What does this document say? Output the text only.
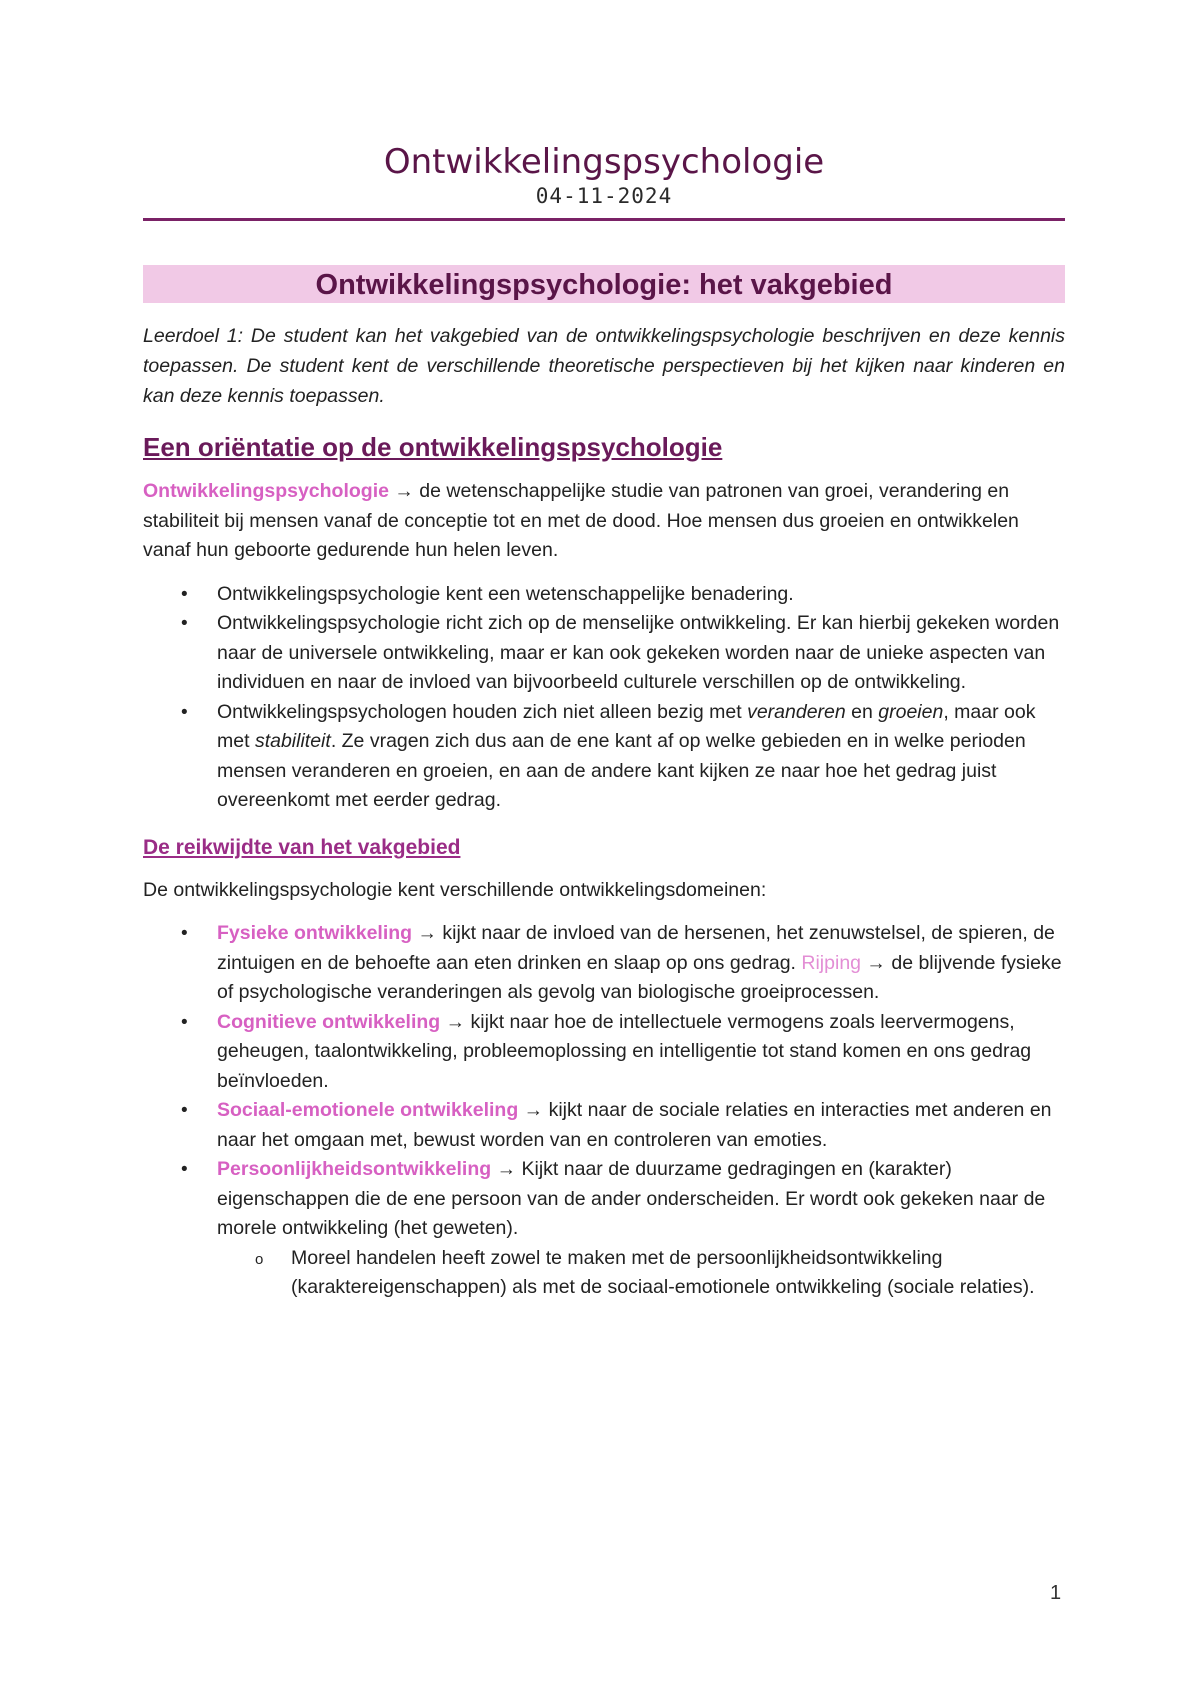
Ontwikkelingspsychologie
04-11-2024
Ontwikkelingspsychologie: het vakgebied

Leerdoel 1: De student kan het vakgebied van de ontwikkelingspsychologie beschrijven en deze kennis toepassen. De student kent de verschillende theoretische perspectieven bij het kijken naar kinderen en kan deze kennis toepassen.

Een oriëntatie op de ontwikkelingspsychologie

Ontwikkelingspsychologie → de wetenschappelijke studie van patronen van groei, verandering en stabiliteit bij mensen vanaf de conceptie tot en met de dood. Hoe mensen dus groeien en ontwikkelen vanaf hun geboorte gedurende hun helen leven.

• Ontwikkelingspsychologie kent een wetenschappelijke benadering.
• Ontwikkelingspsychologie richt zich op de menselijke ontwikkeling. Er kan hierbij gekeken worden naar de universele ontwikkeling, maar er kan ook gekeken worden naar de unieke aspecten van individuen en naar de invloed van bijvoorbeeld culturele verschillen op de ontwikkeling.
• Ontwikkelingspsychologen houden zich niet alleen bezig met veranderen en groeien, maar ook met stabiliteit. Ze vragen zich dus aan de ene kant af op welke gebieden en in welke perioden mensen veranderen en groeien, en aan de andere kant kijken ze naar hoe het gedrag juist overeenkomt met eerder gedrag.
De reikwijdte van het vakgebied

De ontwikkelingspsychologie kent verschillende ontwikkelingsdomeinen:

• Fysieke ontwikkeling → kijkt naar de invloed van de hersenen, het zenuwstelsel, de spieren, de zintuigen en de behoefte aan eten drinken en slaap op ons gedrag. Rijping → de blijvende fysieke of psychologische veranderingen als gevolg van biologische groeiprocessen.
• Cognitieve ontwikkeling → kijkt naar hoe de intellectuele vermogens zoals leervermogens, geheugen, taalontwikkeling, probleemoplossing en intelligentie tot stand komen en ons gedrag beïnvloeden.
• Sociaal-emotionele ontwikkeling → kijkt naar de sociale relaties en interacties met anderen en naar het omgaan met, bewust worden van en controleren van emoties.
• Persoonlijkheidsontwikkeling → Kijkt naar de duurzame gedragingen en (karakter) eigenschappen die de ene persoon van de ander onderscheiden. Er wordt ook gekeken naar de morele ontwikkeling (het geweten).
o Moreel handelen heeft zowel te maken met de persoonlijkheidsontwikkeling (karaktereigenschappen) als met de sociaal-emotionele ontwikkeling (sociale relaties).
1
